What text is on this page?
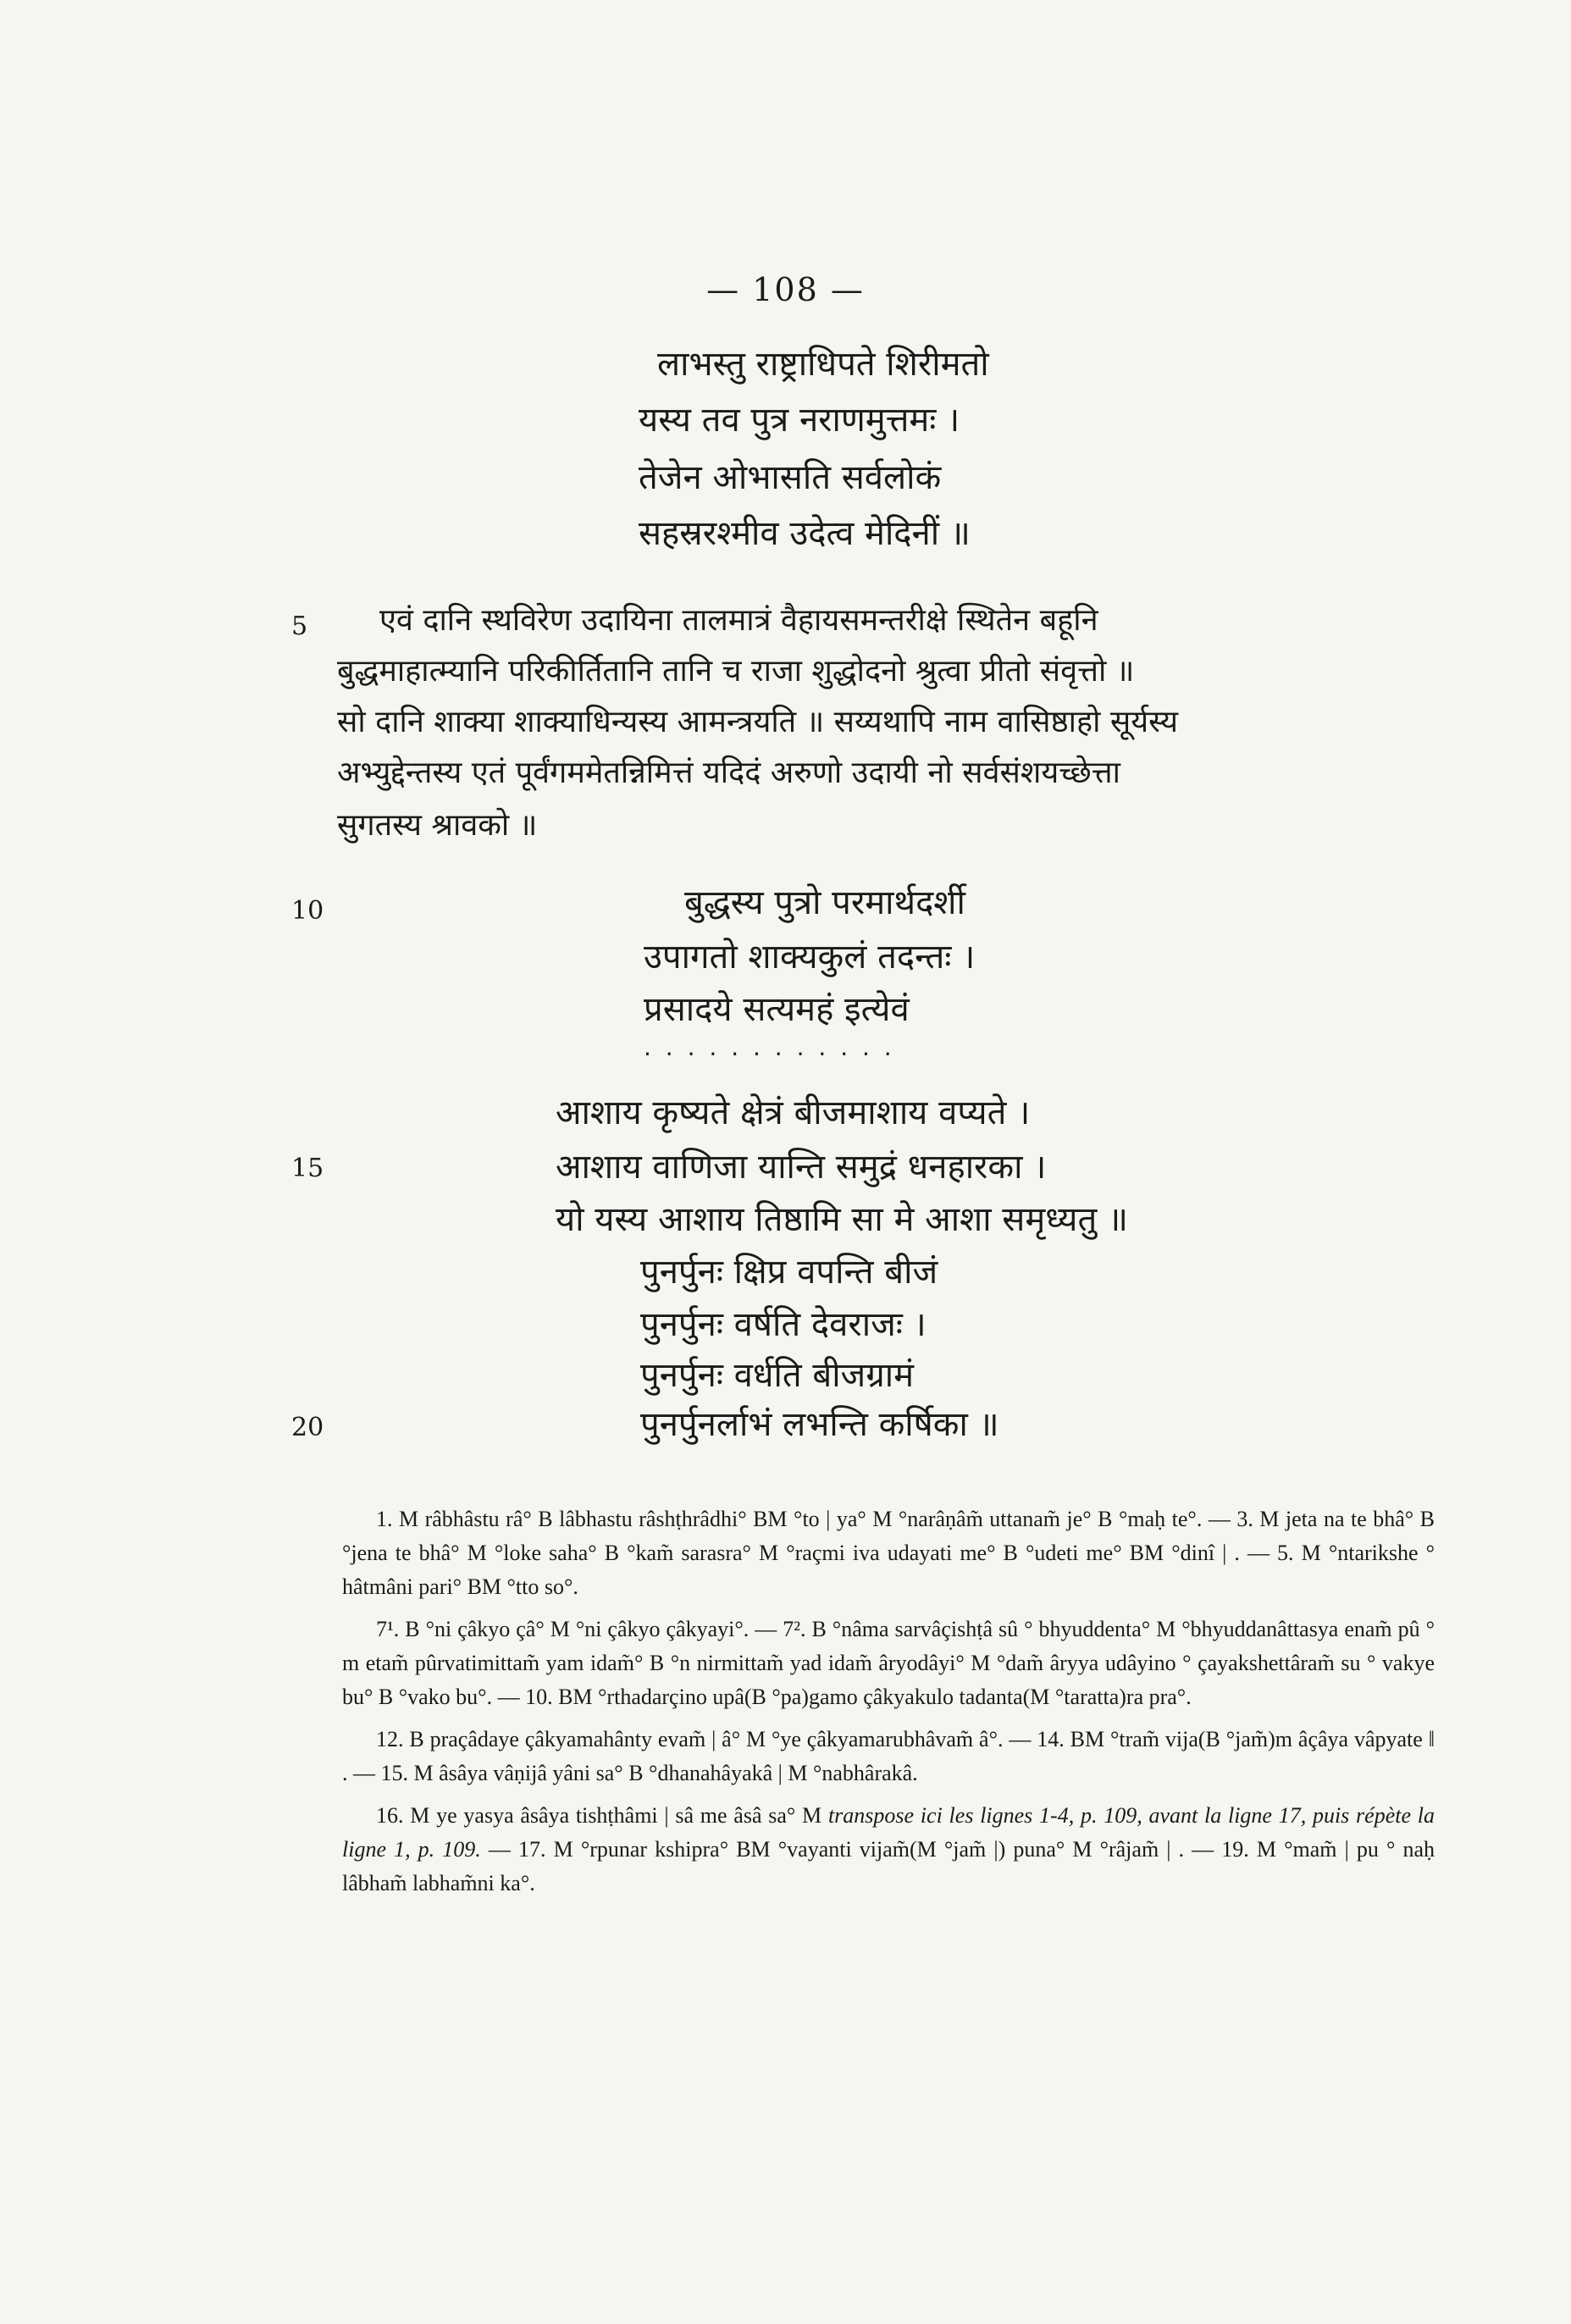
— 108 —
लाभस्तु राष्ट्राधिपते शिरीमतो
यस्य तव पुत्र नराणमुत्तमः ।
तेजेन ओभासति सर्वलोकं
सहस्ररश्मीव उदेत्व मेदिनीं ॥
5 एवं दानि स्थविरेण उदायिना तालमात्रं वैहायसमन्तरीक्षे स्थितेन बहूनि
बुद्धमाहात्म्यानि परिकीर्तितानि तानि च राजा शुद्धोदनो श्रुत्वा प्रीतो संवृत्तो ॥
सो दानि शाक्या शाक्याधिन्यस्य आमन्त्रयति ॥ सय्यथापि नाम वासिष्ठाहो सूर्यस्य
अभ्युद्देन्तस्य एतं पूर्वंगममेतन्निमित्तं यदिदं अरुणो उदायी नो सर्वसंशयच्छेत्ता
सुगतस्य श्रावको ॥
10	बुद्धस्य पुत्रो परमार्थदर्शी
उपागतो शाक्यकुलं तदन्तः ।
प्रसादये सत्यमहं इत्येवं
. . . . . . . . . . . .
आशाय कृष्यते क्षेत्रं बीजमाशाय वप्यते ।
15	आशाय वाणिजा यान्ति समुद्रं धनहारका ।
यो यस्य आशाय तिष्ठामि सा मे आशा समृध्यतु ॥
पुनर्पुनः क्षिप्र वपन्ति बीजं
पुनर्पुनः वर्षति देवराजः ।
पुनर्पुनः वर्धति बीजग्रामं
20	पुनर्पुनर्लाभं लभन्ति कर्षिका ॥

1. M râbhâstu râ° B lâbhastu râshṭhrâdhi° BM °to | ya° M °narâṇâm̃ uttanam̃ je° B °maḥ te°. — 3. M jeta na te bhâ° B °jena te bhâ° M °loke saha° B °kam̃ sarasra° M °raçmi iva udayati me° B °udeti me° BM °dinî | . — 5. M °ntarikshe ° hâtmâni pari° BM °tto so°.

7¹. B °ni çâkyo çâ° M °ni çâkyo çâkyayi°. — 7². B °nâma sarvâçishṭâ sû ° bhyuddenta° M °bhyuddanâttasya enam̃ pû ° m etam̃ pûrvatimittam̃ yam idam̃° B °n nirmittam̃ yad idam̃ âryodâyi° M °dam̃ âryya udâyino ° çayakshettâram̃ su ° vakye bu° B °vako bu°. — 10. BM °rthadarçino upâ(B °pa)gamo çâkyakulo tadanta(M °taratta)ra pra°.

12. B praçâdaye çâkyamahânty evam̃ | â° M °ye çâkyamarubhâvam̃ â°. — 14. BM °tram̃ vija(B °jam̃)m âçâya vâpyate ‖ . — 15. M âsâya vâṇijâ yâni sa° B °dhanahâyakâ | M °nabhârakâ.

16. M ye yasya âsâya tishṭhâmi | sâ me âsâ sa° M transpose ici les lignes 1-4, p. 109, avant la ligne 17, puis répète la ligne 1, p. 109. — 17. M °rpunar kshipra° BM °vayanti vijam̃(M °jam̃ |) puna° M °râjam̃ | . — 19. M °mam̃ | pu ° naḥ lâbham̃ labham̃ni ka°.
